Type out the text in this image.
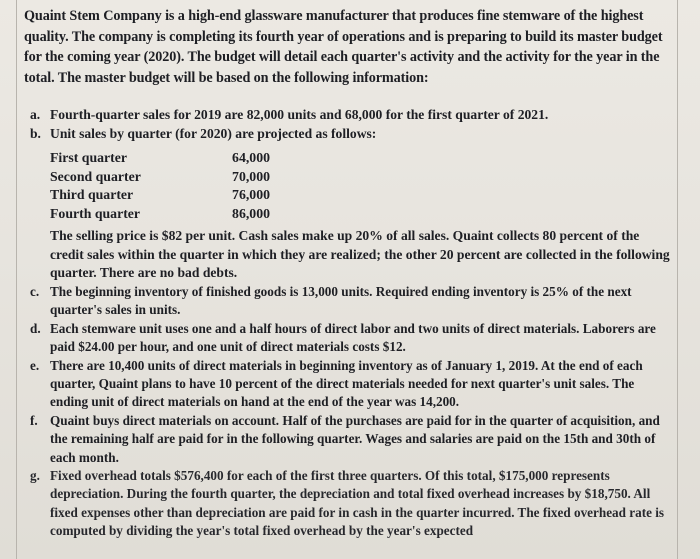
Quaint Stem Company is a high-end glassware manufacturer that produces fine stemware of the highest quality. The company is completing its fourth year of operations and is preparing to build its master budget for the coming year (2020). The budget will detail each quarter's activity and the activity for the year in the total. The master budget will be based on the following information:
a. Fourth-quarter sales for 2019 are 82,000 units and 68,000 for the first quarter of 2021.
b. Unit sales by quarter (for 2020) are projected as follows:
First quarter	64,000
Second quarter	70,000
Third quarter	76,000
Fourth quarter	86,000
The selling price is $82 per unit. Cash sales make up 20% of all sales. Quaint collects 80 percent of the credit sales within the quarter in which they are realized; the other 20 percent are collected in the following quarter. There are no bad debts.
c. The beginning inventory of finished goods is 13,000 units. Required ending inventory is 25% of the next quarter's sales in units.
d. Each stemware unit uses one and a half hours of direct labor and two units of direct materials. Laborers are paid $24.00 per hour, and one unit of direct materials costs $12.
e. There are 10,400 units of direct materials in beginning inventory as of January 1, 2019. At the end of each quarter, Quaint plans to have 10 percent of the direct materials needed for next quarter's unit sales. The ending unit of direct materials on hand at the end of the year was 14,200.
f. Quaint buys direct materials on account. Half of the purchases are paid for in the quarter of acquisition, and the remaining half are paid for in the following quarter. Wages and salaries are paid on the 15th and 30th of each month.
g. Fixed overhead totals $576,400 for each of the first three quarters. Of this total, $175,000 represents depreciation. During the fourth quarter, the depreciation and total fixed overhead increases by $18,750. All fixed expenses other than depreciation are paid for in cash in the quarter incurred. The fixed overhead rate is computed by dividing the year's total fixed overhead by the year's expected
